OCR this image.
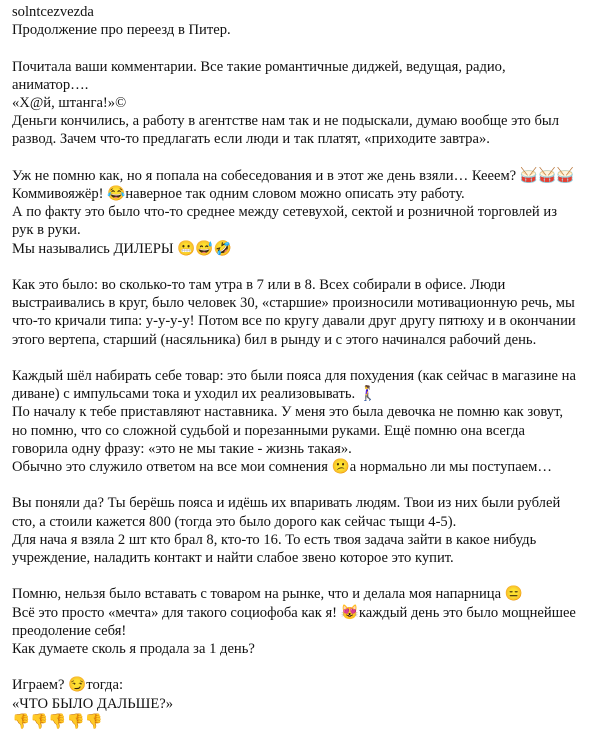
solntcezvezda

Продолжение про переезд в Питер.

Почитала ваши комментарии. Все такие романтичные диджей, ведущая, радио,
аниматор….
«Х@й, штанга!»©
Деньги кончились, а работу в агентстве нам так и не подыскали, думаю вообще это был
развод. Зачем что-то предлагать если люди и так платят, «приходите завтра».

Уж не помню как, но я попала на собеседования и в этот же день взяли… Кееем? 🥁🥁🥁
Коммивояжёр! 😂наверное так одним словом можно описать эту работу.
А по факту это было что-то среднее между сетевухой, сектой и розничной торговлей из
рук в руки.
Мы назывались ДИЛЕРЫ 😬😅🤣

Как это было: во сколько-то там утра в 7 или в 8. Всех собирали в офисе. Люди
выстраивались в круг, было человек 30, «старшие» произносили мотивационную речь, мы
что-то кричали типа: у-у-у-у! Потом все по кругу давали друг другу пятюху и в окончании
этого вертепа, старший (насяльника) бил в рынду и с этого начинался рабочий день.

Каждый шёл набирать себе товар: это были пояса для похудения (как сейчас в магазине на
диване) с импульсами тока и уходил их реализовывать. 🚶‍♀️
По началу к тебе приставляют наставника. У меня это была девочка не помню как зовут,
но помню, что со сложной судьбой и порезанными руками. Ещё помню она всегда
говорила одну фразу: «это не мы такие - жизнь такая».
Обычно это служило ответом на все мои сомнения 😕а нормально ли мы поступаем…

Вы поняли да? Ты берёшь пояса и идёшь их впаривать людям. Твои из них были рублей
сто, а стоили кажется 800 (тогда это было дорого как сейчас тыщи 4-5).
Для нача я взяла 2 шт кто брал 8, кто-то 16. То есть твоя задача зайти в какое нибудь
учреждение, наладить контакт и найти слабое звено которое это купит.

Помню, нельзя было вставать с товаром на рынке, что и делала моя напарница 😑
Всё это просто «мечта» для такого социофоба как я! 😻каждый день это было мощнейшее
преодоление себя!
Как думаете сколь я продала за 1 день?

Играем? 😏тогда:
«ЧТО БЫЛО ДАЛЬШЕ?»
👎👎👎👎👎
